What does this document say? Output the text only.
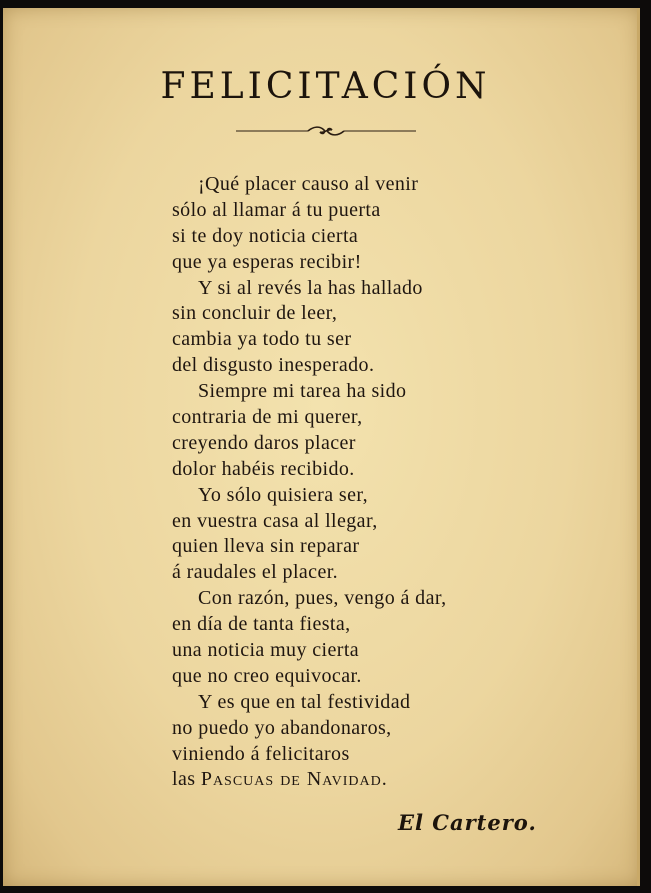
FELICITACIÓN
¡Qué placer causo al venir
sólo al llamar á tu puerta
si te doy noticia cierta
que ya esperas recibir!
Y si al revés la has hallado
sin concluir de leer,
cambia ya todo tu ser
del disgusto inesperado.
Siempre mi tarea ha sido
contraria de mi querer,
creyendo daros placer
dolor habéis recibido.
Yo sólo quisiera ser,
en vuestra casa al llegar,
quien lleva sin reparar
á raudales el placer.
Con razón, pues, vengo á dar,
en día de tanta fiesta,
una noticia muy cierta
que no creo equivocar.
Y es que en tal festividad
no puedo yo abandonaros,
viniendo á felicitaros
las Pascuas de Navidad.
El Cartero.
